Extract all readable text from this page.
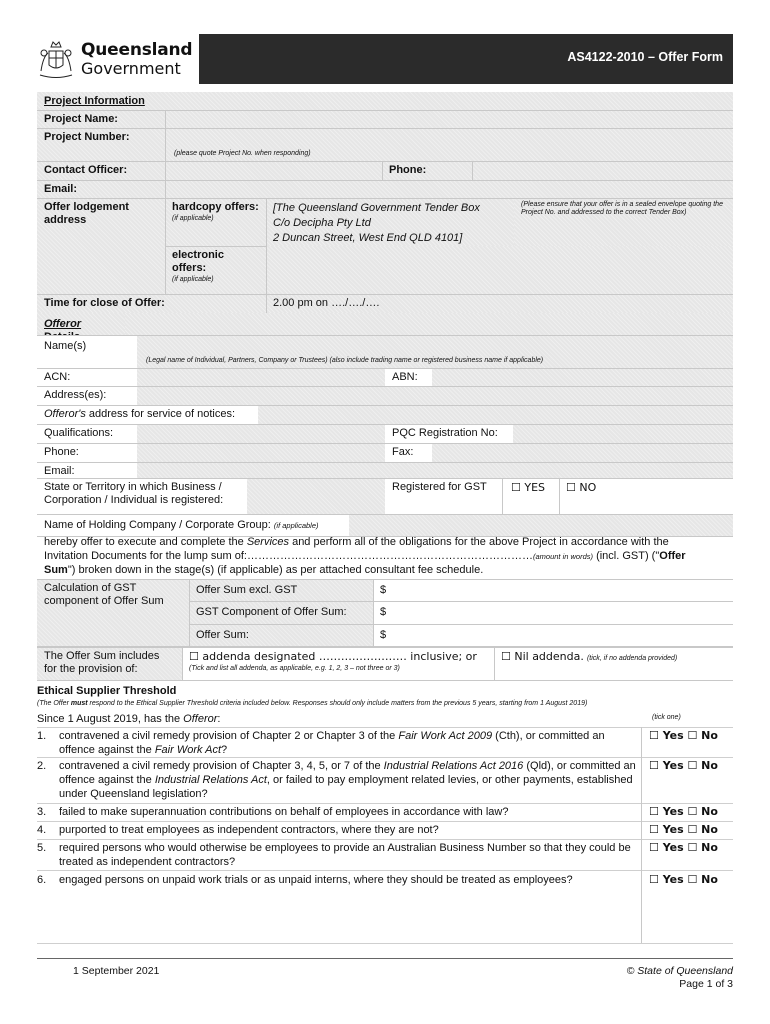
Queensland
Government
AS4122-2010 – Offer Form
Project Information
Project Name:
Project Number:
(please quote Project No. when responding)
Contact Officer:	Phone:
Email:
Offer lodgement address
hardcopy offers:
(if applicable)
[The Queensland Government Tender Box
C/o Decipha Pty Ltd
2 Duncan Street, West End QLD 4101]
(Please ensure that your offer is in a sealed envelope quoting the Project No. and addressed to the correct Tender Box)
electronic offers:
(if applicable)
Time for close of Offer:	2.00 pm on …./…./….
Offeror
Name(s)
(Legal name of Individual, Partners, Company or Trustees) (also include trading name or registered business name if applicable)
ACN:	ABN:
Address(es):
Offeror's address for service of notices:
Qualifications:	PQC Registration No:
Phone:	Fax:
Email:
State or Territory in which Business / Corporation / Individual is registered:
Registered for GST	☐ YES	☐ NO
Name of Holding Company / Corporate Group: (if applicable)
hereby offer to execute and complete the Services and perform all of the obligations for the above Project in accordance with the
Invitation Documents for the lump sum of:……………………………………………………………………(amount in words) (incl. GST) ("Offer
Sum") broken down in the stage(s) (if applicable) as per attached consultant fee schedule.
Calculation of GST component of Offer Sum
Offer Sum excl. GST	$
GST Component of Offer Sum:	$
Offer Sum:	$
The Offer Sum includes for the provision of:
☐ addenda designated …………………… inclusive; or
(Tick and list all addenda, as applicable, e.g. 1, 2, 3 – not three or 3)
☐ Nil addenda. (tick, if no addenda provided)
Ethical Supplier Threshold
(The Offer must respond to the Ethical Supplier Threshold criteria included below. Responses should only include matters from the previous 5 years, starting from 1 August 2019)
Since 1 August 2019, has the Offeror:	(tick one)
1.	contravened a civil remedy provision of Chapter 2 or Chapter 3 of the Fair Work Act 2009 (Cth), or committed an offence against the Fair Work Act?
☐ Yes ☐ No
2.	contravened a civil remedy provision of Chapter 3, 4, 5, or 7 of the Industrial Relations Act 2016 (Qld), or committed an offence against the Industrial Relations Act, or failed to pay employment related levies, or other payments, established under Queensland legislation?
☐ Yes ☐ No
3.	failed to make superannuation contributions on behalf of employees in accordance with law?	☐ Yes ☐ No
4.	purported to treat employees as independent contractors, where they are not?	☐ Yes ☐ No
5.	required persons who would otherwise be employees to provide an Australian Business Number so that they could be treated as independent contractors?
☐ Yes ☐ No
6.	engaged persons on unpaid work trials or as unpaid interns, where they should be treated as employees?	☐ Yes ☐ No
1 September 2021	© State of Queensland
Page 1 of 3
